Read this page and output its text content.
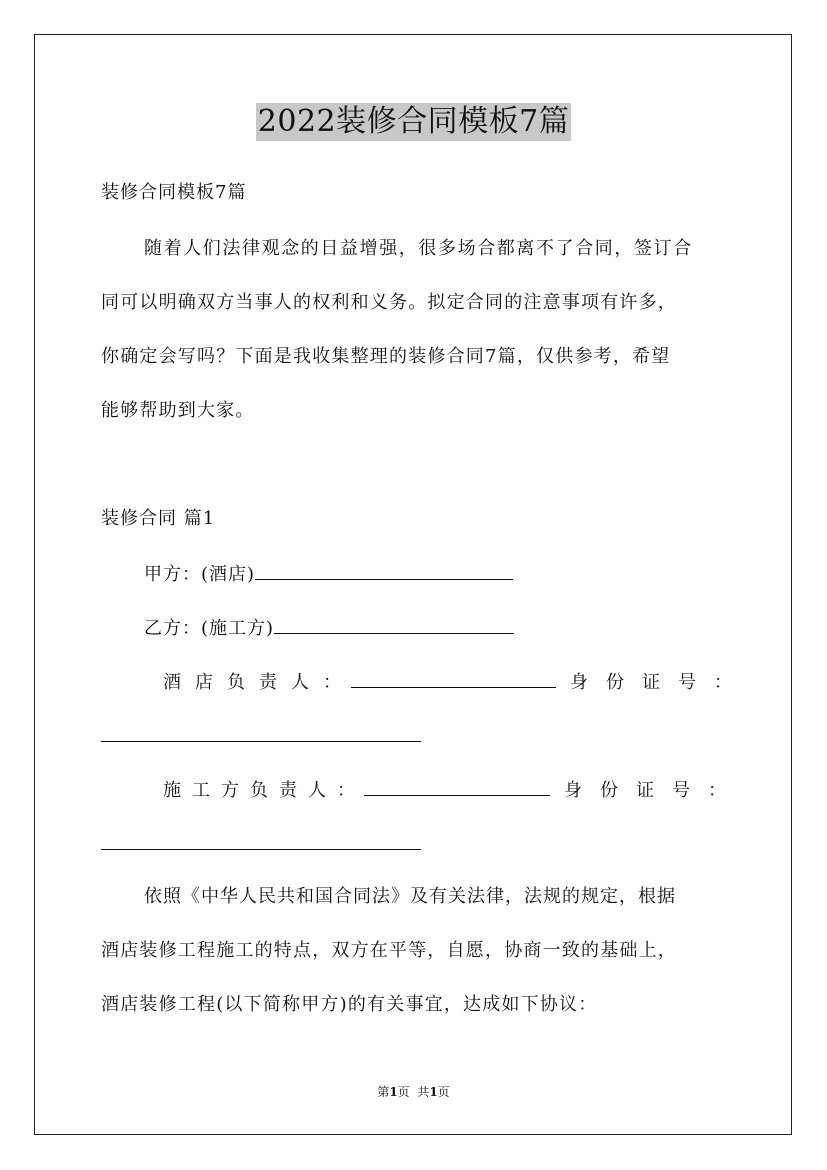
2022装修合同模板7篇
装修合同模板7篇
随着人们法律观念的日益增强，很多场合都离不了合同，签订合
同可以明确双方当事人的权利和义务。拟定合同的注意事项有许多，
你确定会写吗？下面是我收集整理的装修合同7篇，仅供参考，希望
能够帮助到大家。
装修合同 篇1
甲方：(酒店)
乙方：(施工方)
酒店负责人：	身份证号：
施工方负责人：	身份证号：
依照《中华人民共和国合同法》及有关法律，法规的规定，根据
酒店装修工程施工的特点，双方在平等，自愿，协商一致的基础上，
酒店装修工程(以下简称甲方)的有关事宜，达成如下协议：
第1页  共1页
